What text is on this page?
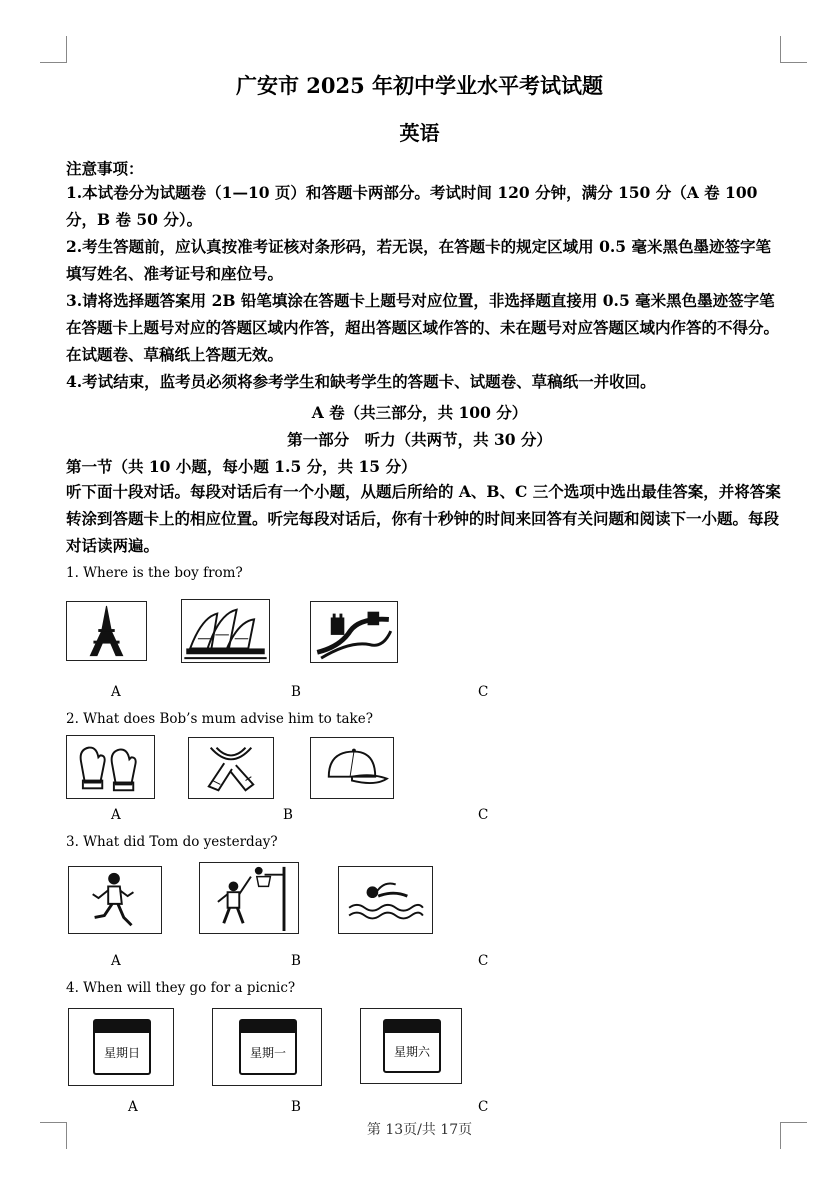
广安市 2025 年初中学业水平考试试题
英语
注意事项：
1.本试卷分为试题卷（1—10 页）和答题卡两部分。考试时间 120 分钟，满分 150 分（A 卷 100 分，B 卷 50 分）。
2.考生答题前，应认真按准考证核对条形码，若无误，在答题卡的规定区域用 0.5 毫米黑色墨迹签字笔填写姓名、准考证号和座位号。
3.请将选择题答案用 2B 铅笔填涂在答题卡上题号对应位置，非选择题直接用 0.5 毫米黑色墨迹签字笔在答题卡上题号对应的答题区域内作答，超出答题区域作答的、未在题号对应答题区域内作答的不得分。在试题卷、草稿纸上答题无效。
4.考试结束，监考员必须将参考学生和缺考学生的答题卡、试题卷、草稿纸一并收回。
A 卷（共三部分，共 100 分）
第一部分　听力（共两节，共 30 分）
第一节（共 10 小题，每小题 1.5 分，共 15 分）
听下面十段对话。每段对话后有一个小题，从题后所给的 A、B、C 三个选项中选出最佳答案，并将答案转涂到答题卡上的相应位置。听完每段对话后，你有十秒钟的时间来回答有关问题和阅读下一小题。每段对话读两遍。
1. Where is the boy from?
A	B	C
2. What does Bob’s mum advise him to take?
A	B	C
3. What did Tom do yesterday?
A	B	C
4. When will they go for a picnic?
星期日	星期一	星期六
A	B	C
第 13页/共 17页
